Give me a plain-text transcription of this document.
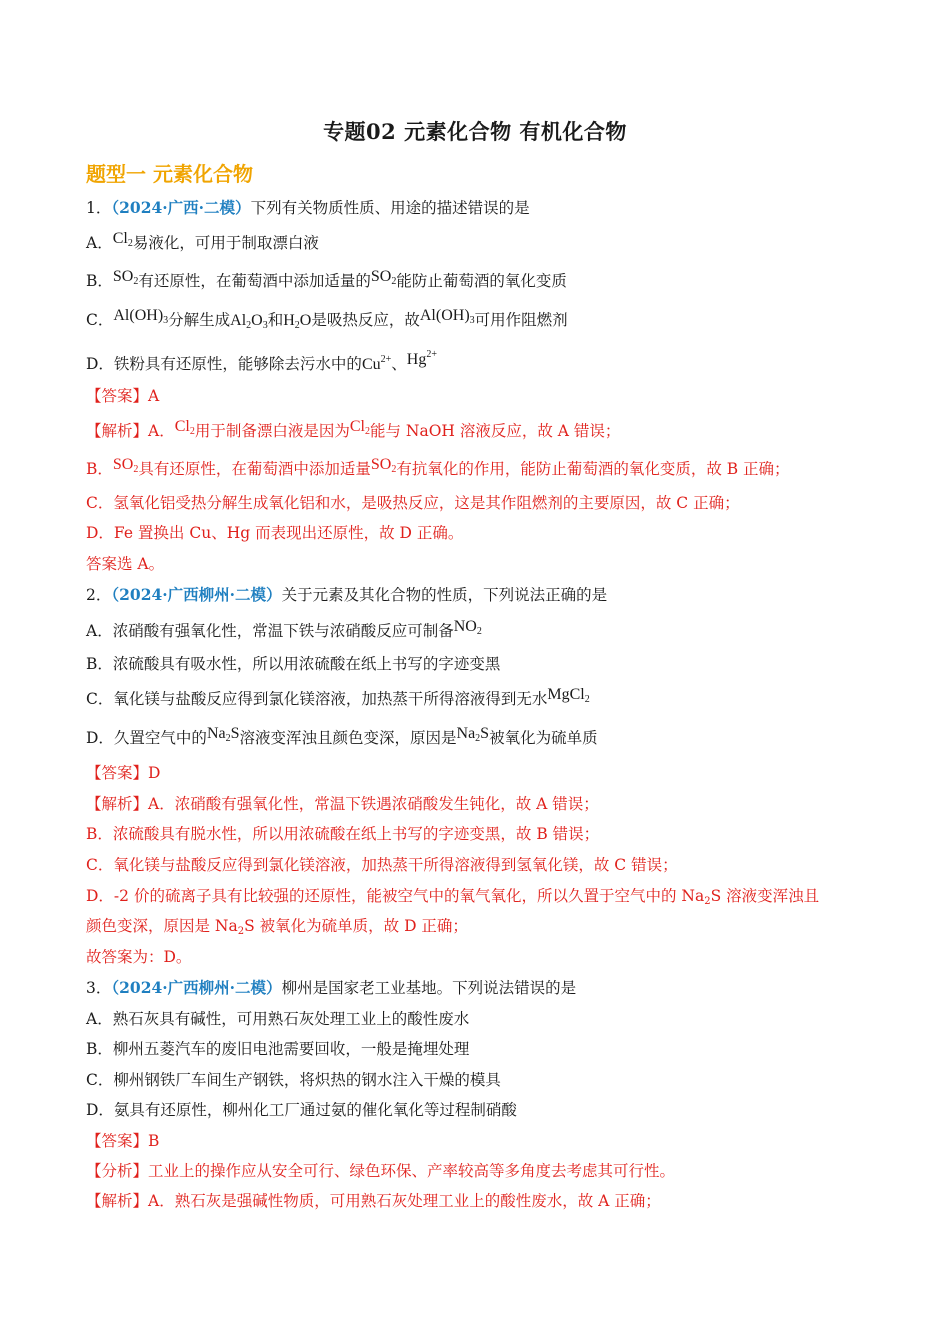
专题02 元素化合物 有机化合物
题型一 元素化合物
1．（2024·广西·二模）下列有关物质性质、用途的描述错误的是
A．$Cl_2$易液化，可用于制取漂白液
B．$SO_2$有还原性，在葡萄酒中添加适量的$SO_2$能防止葡萄酒的氧化变质
C．$Al(OH)_3$分解生成$Al_2O_3$和$H_2O$是吸热反应，故$Al(OH)_3$可用作阻燃剂
D．铁粉具有还原性，能够除去污水中的$Cu^{2+}$、$Hg^{2+}$
【答案】A
【解析】A．$Cl_2$用于制备漂白液是因为$Cl_2$能与 NaOH 溶液反应，故 A 错误；
B．$SO_2$具有还原性，在葡萄酒中添加适量$SO_2$有抗氧化的作用，能防止葡萄酒的氧化变质，故 B 正确；
C．氢氧化铝受热分解生成氧化铝和水，是吸热反应，这是其作阻燃剂的主要原因，故 C 正确；
D．Fe 置换出 Cu、Hg 而表现出还原性，故 D 正确。
答案选 A。
2．（2024·广西柳州·二模）关于元素及其化合物的性质，下列说法正确的是
A．浓硝酸有强氧化性，常温下铁与浓硝酸反应可制备$NO_2$
B．浓硫酸具有吸水性，所以用浓硫酸在纸上书写的字迹变黑
C．氧化镁与盐酸反应得到氯化镁溶液，加热蒸干所得溶液得到无水MgCl$_2$
D．久置空气中的$Na_2S$溶液变浑浊且颜色变深，原因是$Na_2S$被氧化为硫单质
【答案】D
【解析】A．浓硝酸有强氧化性，常温下铁遇浓硝酸发生钝化，故 A 错误；
B．浓硫酸具有脱水性，所以用浓硫酸在纸上书写的字迹变黑，故 B 错误；
C．氧化镁与盐酸反应得到氯化镁溶液，加热蒸干所得溶液得到氢氧化镁，故 C 错误；
D．-2 价的硫离子具有比较强的还原性，能被空气中的氧气氧化，所以久置于空气中的 $Na_2S$ 溶液变浑浊且
颜色变深，原因是 $Na_2S$ 被氧化为硫单质，故 D 正确；
故答案为：D。
3．（2024·广西柳州·二模）柳州是国家老工业基地。下列说法错误的是
A．熟石灰具有碱性，可用熟石灰处理工业上的酸性废水
B．柳州五菱汽车的废旧电池需要回收，一般是掩埋处理
C．柳州钢铁厂车间生产钢铁，将炽热的钢水注入干燥的模具
D．氨具有还原性，柳州化工厂通过氨的催化氧化等过程制硝酸
【答案】B
【分析】工业上的操作应从安全可行、绿色环保、产率较高等多角度去考虑其可行性。
【解析】A．熟石灰是强碱性物质，可用熟石灰处理工业上的酸性废水，故 A 正确；
